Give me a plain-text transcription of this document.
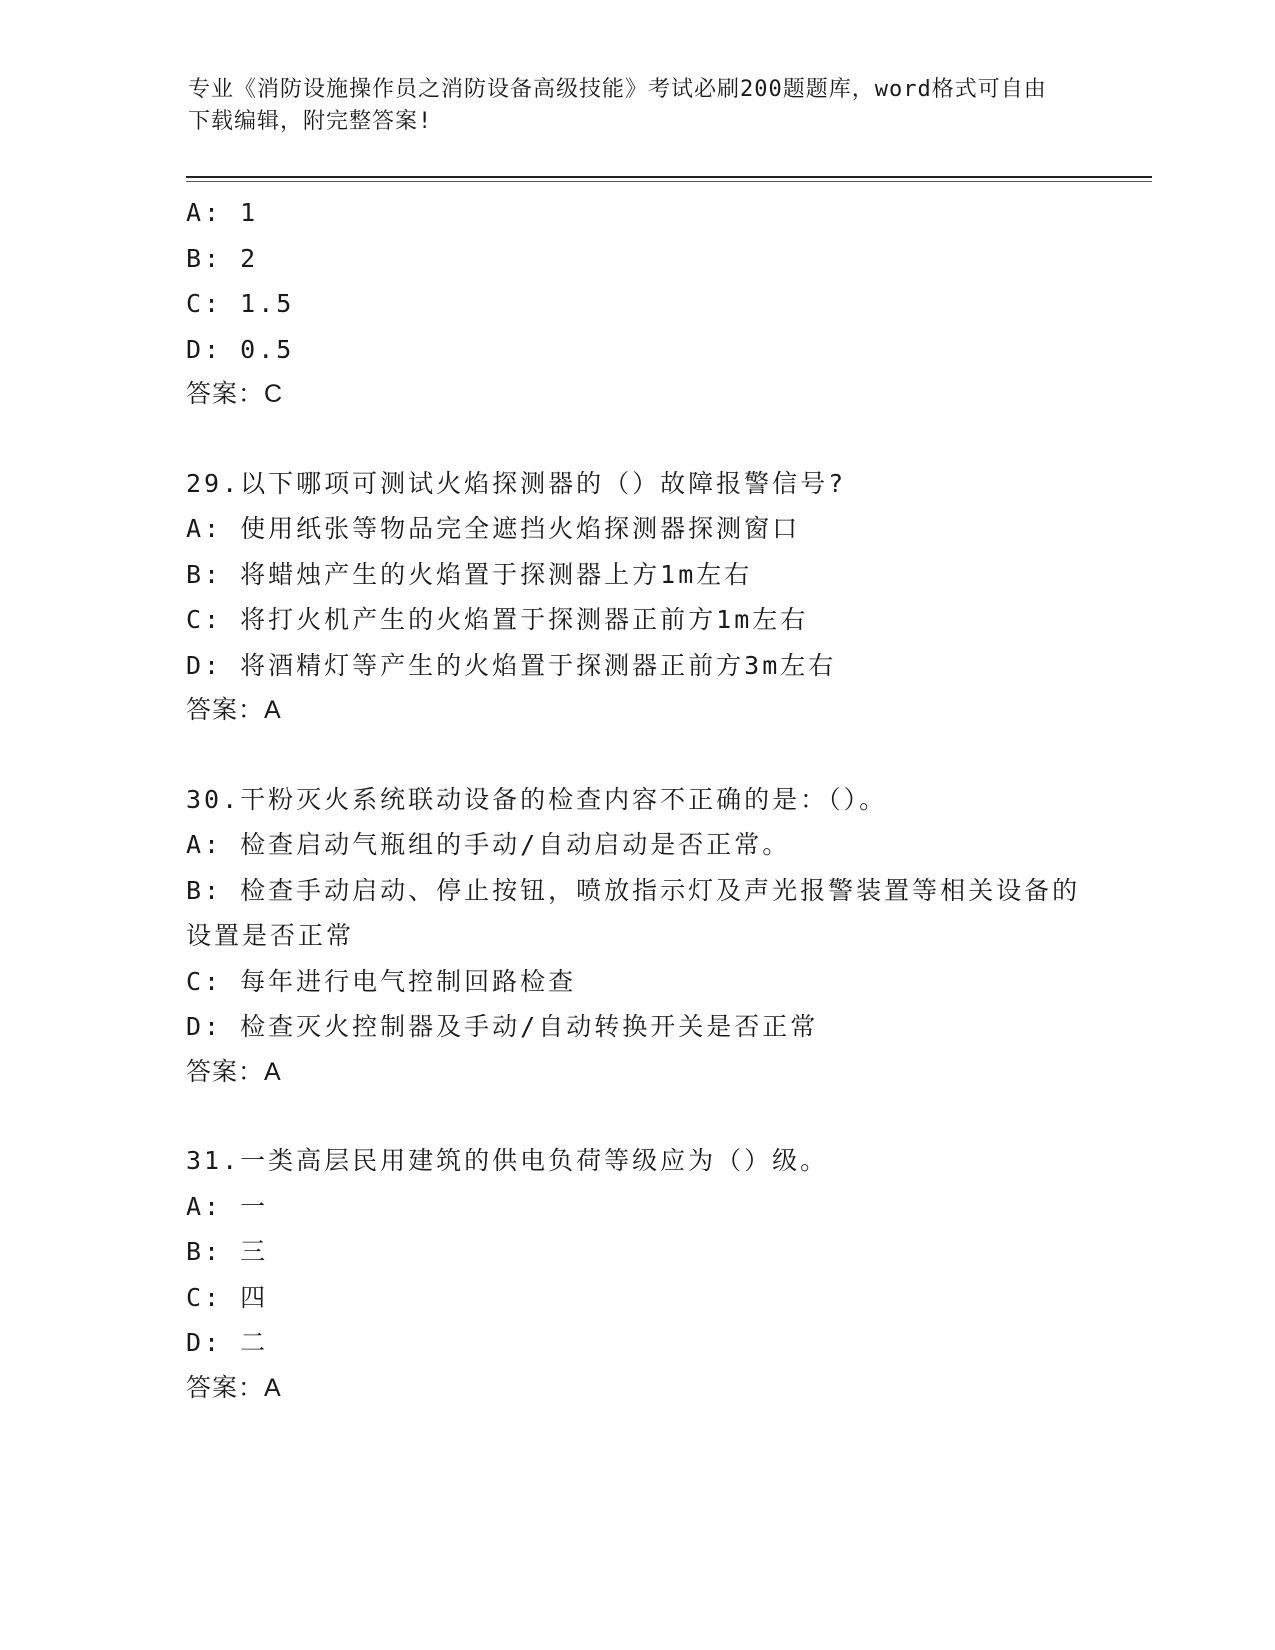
专业《消防设施操作员之消防设备高级技能》考试必刷200题题库，word格式可自由下载编辑，附完整答案!
A: 1
B: 2
C: 1.5
D: 0.5
答案：C
29.以下哪项可测试火焰探测器的（）故障报警信号?
A: 使用纸张等物品完全遮挡火焰探测器探测窗口
B: 将蜡烛产生的火焰置于探测器上方1m左右
C: 将打火机产生的火焰置于探测器正前方1m左右
D: 将酒精灯等产生的火焰置于探测器正前方3m左右
答案：A
30.干粉灭火系统联动设备的检查内容不正确的是：（）。
A: 检查启动气瓶组的手动/自动启动是否正常。
B: 检查手动启动、停止按钮，喷放指示灯及声光报警装置等相关设备的设置是否正常
C: 每年进行电气控制回路检查
D: 检查灭火控制器及手动/自动转换开关是否正常
答案：A
31.一类高层民用建筑的供电负荷等级应为（）级。
A: 一
B: 三
C: 四
D: 二
答案：A
